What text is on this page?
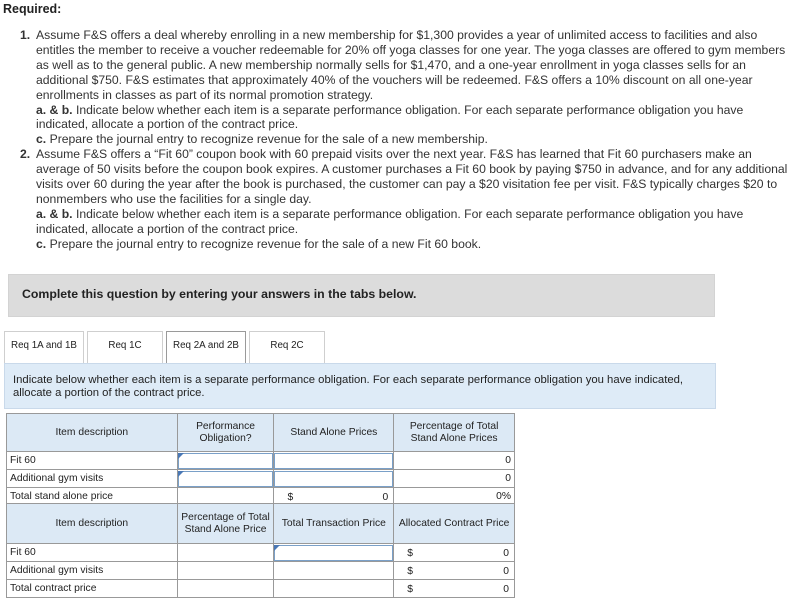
Required:
1. Assume F&S offers a deal whereby enrolling in a new membership for $1,300 provides a year of unlimited access to facilities and also entitles the member to receive a voucher redeemable for 20% off yoga classes for one year. The yoga classes are offered to gym members as well as to the general public. A new membership normally sells for $1,470, and a one-year enrollment in yoga classes sells for an additional $750. F&S estimates that approximately 40% of the vouchers will be redeemed. F&S offers a 10% discount on all one-year enrollments in classes as part of its normal promotion strategy.
a. & b. Indicate below whether each item is a separate performance obligation. For each separate performance obligation you have indicated, allocate a portion of the contract price.
c. Prepare the journal entry to recognize revenue for the sale of a new membership.
2. Assume F&S offers a “Fit 60” coupon book with 60 prepaid visits over the next year. F&S has learned that Fit 60 purchasers make an average of 50 visits before the coupon book expires. A customer purchases a Fit 60 book by paying $750 in advance, and for any additional visits over 60 during the year after the book is purchased, the customer can pay a $20 visitation fee per visit. F&S typically charges $20 to nonmembers who use the facilities for a single day.
a. & b. Indicate below whether each item is a separate performance obligation. For each separate performance obligation you have indicated, allocate a portion of the contract price.
c. Prepare the journal entry to recognize revenue for the sale of a new Fit 60 book.
Complete this question by entering your answers in the tabs below.
Req 1A and 1B	Req 1C	Req 2A and 2B	Req 2C
Indicate below whether each item is a separate performance obligation. For each separate performance obligation you have indicated, allocate a portion of the contract price.
Item description	Performance Obligation?	Stand Alone Prices	Percentage of Total Stand Alone Prices
Fit 60			0
Additional gym visits			0
Total stand alone price		$ 0	0%
Item description	Percentage of Total Stand Alone Price	Total Transaction Price	Allocated Contract Price
Fit 60			$ 0

Additional gym visits			$ 0

Total contract price			$ 0
